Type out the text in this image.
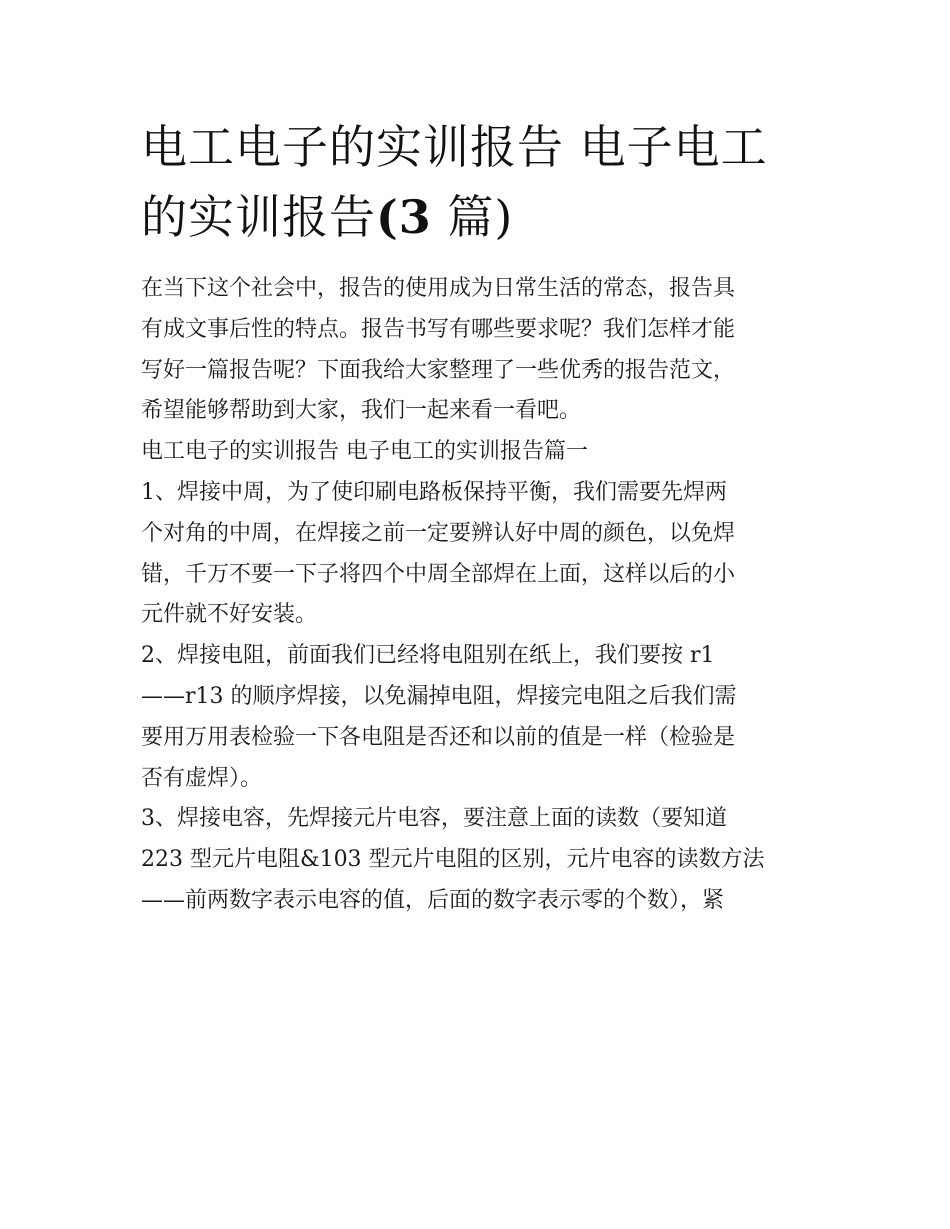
电工电子的实训报告 电子电工
的实训报告(3 篇)

在当下这个社会中，报告的使用成为日常生活的常态，报告具
有成文事后性的特点。报告书写有哪些要求呢？我们怎样才能
写好一篇报告呢？下面我给大家整理了一些优秀的报告范文，
希望能够帮助到大家，我们一起来看一看吧。

电工电子的实训报告 电子电工的实训报告篇一

1、焊接中周，为了使印刷电路板保持平衡，我们需要先焊两
个对角的中周，在焊接之前一定要辨认好中周的颜色，以免焊
错，千万不要一下子将四个中周全部焊在上面，这样以后的小
元件就不好安装。

2、焊接电阻，前面我们已经将电阻别在纸上，我们要按 r1
——r13 的顺序焊接，以免漏掉电阻，焊接完电阻之后我们需
要用万用表检验一下各电阻是否还和以前的值是一样（检验是
否有虚焊）。

3、焊接电容，先焊接元片电容，要注意上面的读数（要知道
223 型元片电阻&103 型元片电阻的区别，元片电容的读数方法
——前两数字表示电容的值，后面的数字表示零的个数），紧
